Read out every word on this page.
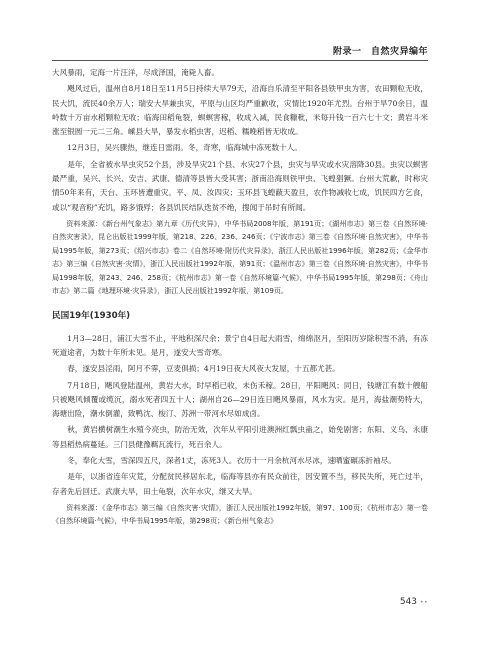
附录一　自然灾异编年

大风暴雨，定海一片汪洋，尽成泽国，淹毙人畜。

飓风过后，温州自8月18日至11月5日持续大旱79天，沿海自乐清至平阳各县铁甲虫为害，农田颗粒无收，民大饥，流民40余万人；瑞安大旱兼虫灾，平原与山区均严重歉收，灾情比1920年尤烈。台州于旱70余日，温岭数十万亩水稻颗粒无收；临海田稻龟裂，螟螟害稼，收成入减，民食糠秕，米每升钱一百六七十文；黄岩斗米涨至银圆一元二三角。嵊县大旱，暴发水稻虫害，迟稻、糯晚稻皆无收成。

12月3日，吴兴骤热，继连日雷雨。冬，奇寒，临海城中冻死数十人。

是年，全省被水旱虫灾52个县，涉及旱灾21个县、水灾27个县，虫灾与旱灾或水灾溶降30县。虫灾以螟害最严重，吴兴、长兴、安吉、武康、德清等县皆大受其害；浙南沿海则铁甲虫、飞蝗猖獗。台州大荒歉，时称灾情50年来有，天台、玉环皆遭重灾。平、凤、汝四灾；玉环县飞蝗蔽天盈旦，农作物减收七成，饥民四方乞食，或以“观音粉”充饥，路多饿殍；各县饥民结队迭贫不绝，搜闻于吊时有所闻。

资料来源：《新台州气象志》第九章《历代灾异》，中华书局2008年版，第191页；《湖州市志》第三卷《自然环境·自然灾害录》，昆仑出版社1999年版，第218、226、236、246页；《宁波市志》第三卷《自然环境·自然灾害》，中华书局1995年版，第273页；《绍兴市志》卷二《自然环境·附历代灾异录》，浙江人民出版社1996年版，第282页；《金华市志》第三编《自然灾害·灾情》，浙江人民出版社1992年版，第91页；《温州市志》第三卷《自然环境·自然灾害》，中华书局1998年版，第243、246、258页；《杭州市志》第一卷《自然环境篇·气候》，中华书局1995年版，第298页；《舟山市志》第二篇《地理环境·灾异录》，浙江人民出版社1992年版，第109页。

民国19年(1930年)

1月3—28日，浦江大雪不止，平地积深尺余；景宁自4日起大雨雪，绵绵沤月，至阳历岁除积雪不消，有冻死道途者，为数十年所未见。是月，遂安大雪奇寒。

春，遂安县淫雨，阿月不霁，豆麦俱损；4月19日夜大风夜大发屋，十五都尤甚。

7月18日，飓风登陆温州，黄岩大水，时早稻已收，未伤禾稼。28日，平阳飓风；同日，钱塘江有数十艘船只被飓风倾覆或缆沉，溺水死者四五十人；湖州自26—29日连日飓风暴雨，风水为灾。是月，海盐潮势特大，海塘出险，潮水倒灌，致鸭沈、梭汀、苏洲一带河水尽如成卤。

秋，黄岩横树潮生水殖今亮虫，防治无效，次年从平阳引进澳洲红瓢虫蛊之，始免剧害；东阳、义乌、永康等县稻热病蔓延。三门县健豫羁瓦流行，死百余人。

冬，奉化大雪，雪深四五尺，深者1丈，冻死3人。衣历十一月余杭河水尽冰，速晒蜜碾冻折袖尽。

是年，以浙省连年灾荒，分配贫民移居东北，临海等县亦有民众前往，因安置不当，移民失所，死亡过半，存者先后回迁。武康大旱，田土龟裂，次年水灾，继又大旱。

资料来源：《金华市志》第三编《自然灾害·灾情》，浙江人民出版社1992年版，第97、100页；《杭州市志》第一卷《自然环境篇·气候》，中华书局1995年版，第298页；《新台州气象志》

543 ••
